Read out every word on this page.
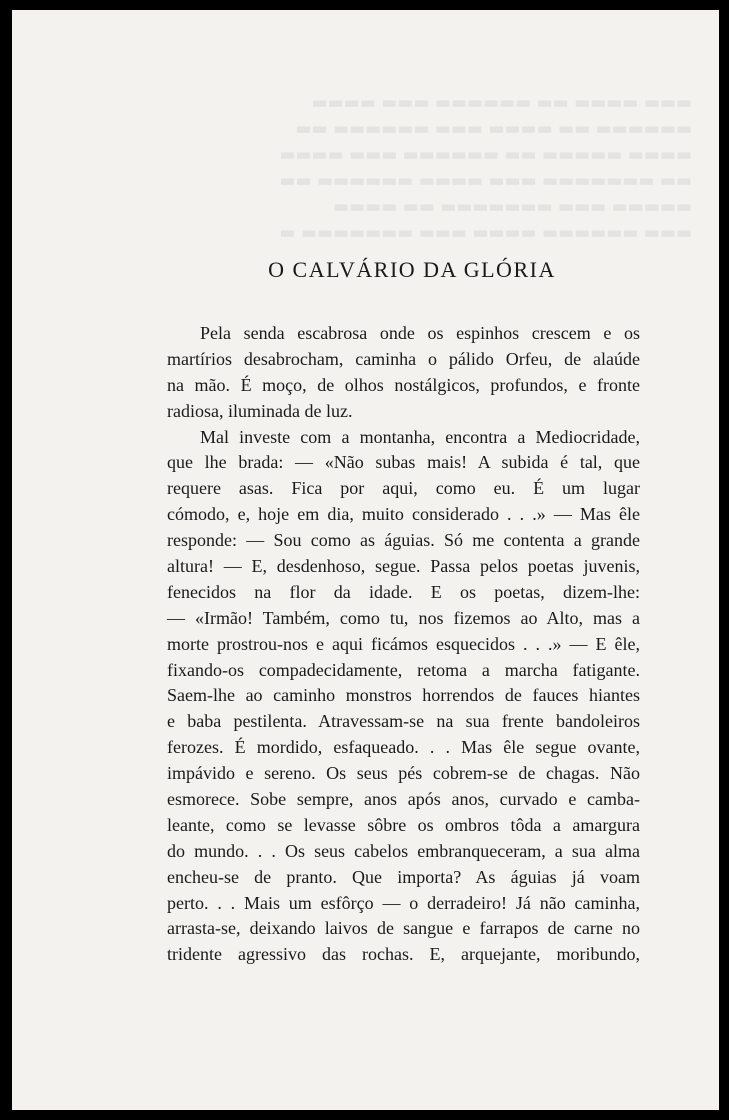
▬▬▬ ▬▬▬▬ ▬▬ ▬▬▬▬▬▬ ▬▬▬ ▬▬▬▬
▬▬▬▬▬▬ ▬▬ ▬▬▬▬ ▬▬▬ ▬▬▬▬▬▬ ▬▬
▬▬▬▬ ▬▬▬▬▬ ▬▬ ▬▬▬▬▬▬ ▬▬▬ ▬▬▬▬
▬▬ ▬▬▬▬▬▬▬ ▬▬▬ ▬▬▬▬ ▬▬▬▬▬▬ ▬▬
▬▬▬▬▬ ▬▬▬ ▬▬▬▬▬▬▬ ▬▬ ▬▬▬▬
▬▬▬ ▬▬▬▬▬▬ ▬▬▬▬ ▬▬▬ ▬▬▬▬▬▬▬ ▬
O CALVÁRIO DA GLÓRIA
Pela senda escabrosa onde os espinhos crescem e os
martírios desabrocham, caminha o pálido Orfeu, de alaúde
na mão. É moço, de olhos nostálgicos, profundos, e fronte
radiosa, iluminada de luz.
Mal investe com a montanha, encontra a Mediocridade,
que lhe brada: — «Não subas mais! A subida é tal, que
requere asas. Fica por aqui, como eu. É um lugar
cómodo, e, hoje em dia, muito considerado . . .» — Mas êle
responde: — Sou como as águias. Só me contenta a grande
altura! — E, desdenhoso, segue. Passa pelos poetas juvenis,
fenecidos na flor da idade. E os poetas, dizem-lhe:
— «Irmão! Também, como tu, nos fizemos ao Alto, mas a
morte prostrou-nos e aqui ficámos esquecidos . . .» — E êle,
fixando-os compadecidamente, retoma a marcha fatigante.
Saem-lhe ao caminho monstros horrendos de fauces hiantes
e baba pestilenta. Atravessam-se na sua frente bandoleiros
ferozes. É mordido, esfaqueado. . . Mas êle segue ovante,
impávido e sereno. Os seus pés cobrem-se de chagas. Não
esmorece. Sobe sempre, anos após anos, curvado e camba-
leante, como se levasse sôbre os ombros tôda a amargura
do mundo. . . Os seus cabelos embranqueceram, a sua alma
encheu-se de pranto. Que importa? As águias já voam
perto. . . Mais um esfôrço — o derradeiro! Já não caminha,
arrasta-se, deixando laivos de sangue e farrapos de carne no
tridente agressivo das rochas. E, arquejante, moribundo,
